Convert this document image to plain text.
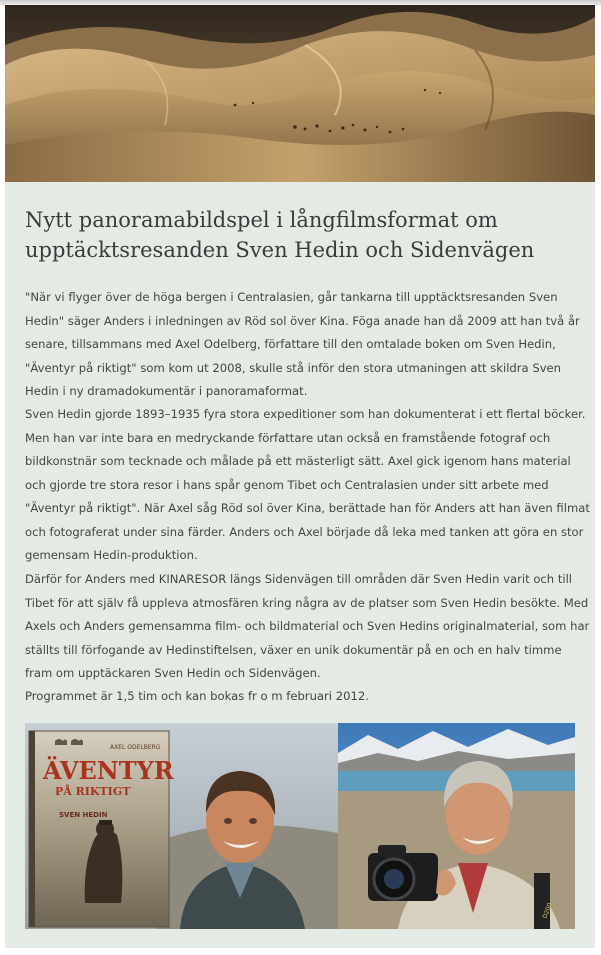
Nytt panoramabildspel i långfilmsformat om upptäcktsresanden Sven Hedin och Sidenvägen

"När vi flyger över de höga bergen i Centralasien, går tankarna till upptäcktsresanden Sven Hedin" säger Anders i inledningen av Röd sol över Kina. Föga anade han då 2009 att han två år senare, tillsammans med Axel Odelberg, författare till den omtalade boken om Sven Hedin, "Äventyr på riktigt" som kom ut 2008, skulle stå inför den stora utmaningen att skildra Sven Hedin i ny dramadokumentär i panoramaformat.

Sven Hedin gjorde 1893–1935 fyra stora expeditioner som han dokumenterat i ett flertal böcker. Men han var inte bara en medryckande författare utan också en framstående fotograf och bildkonstnär som tecknade och målade på ett mästerligt sätt. Axel gick igenom hans material och gjorde tre stora resor i hans spår genom Tibet och Centralasien under sitt arbete med "Äventyr på riktigt". När Axel såg Röd sol över Kina, berättade han för Anders att han även filmat och fotograferat under sina färder. Anders och Axel började då leka med tanken att göra en stor gemensam Hedin-produktion.

Därför for Anders med KINARESOR längs Sidenvägen till områden där Sven Hedin varit och till Tibet för att själv få uppleva atmosfären kring några av de platser som Sven Hedin besökte. Med Axels och Anders gemensamma film- och bildmaterial och Sven Hedins originalmaterial, som har ställts till förfogande av Hedinstiftelsen, växer en unik dokumentär på en och en halv timme fram om upptäckaren Sven Hedin och Sidenvägen.

Programmet är 1,5 tim och kan bokas fr o m februari 2012.

AXEL ODELBERG
ÄVENTYR
PÅ RIKTIGT
SVEN HEDIN
D200
